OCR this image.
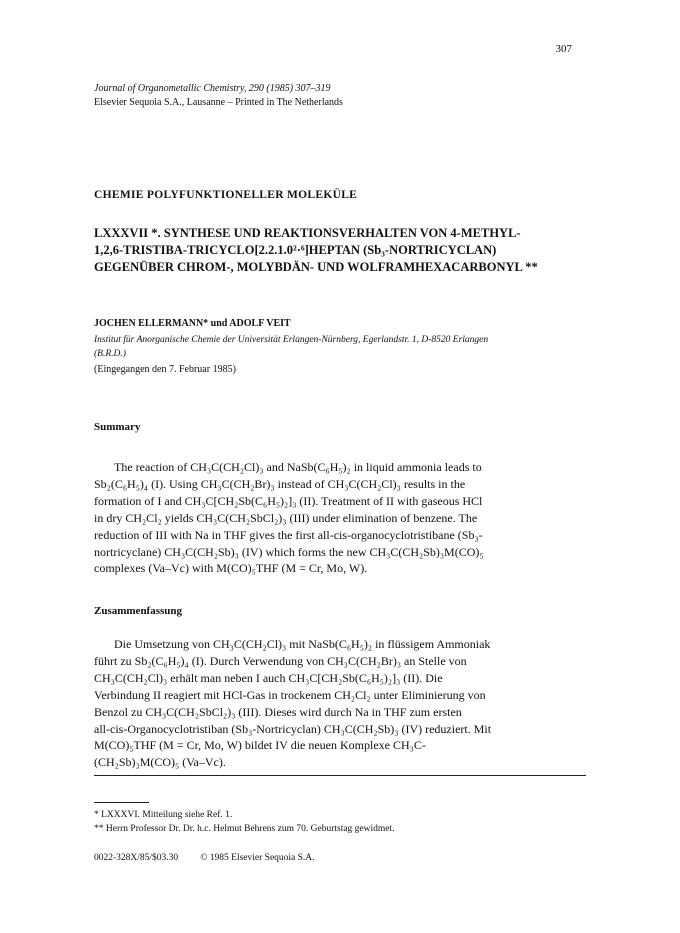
307
Journal of Organometallic Chemistry, 290 (1985) 307–319
Elsevier Sequoia S.A., Lausanne – Printed in The Netherlands
CHEMIE POLYFUNKTIONELLER MOLEKÜLE
LXXXVII *. SYNTHESE UND REAKTIONSVERHALTEN VON 4-METHYL-
1,2,6-TRISTIBA-TRICYCLO[2.2.1.0²·⁶]HEPTAN (Sb₃-NORTRICYCLAN)
GEGENÜBER CHROM-, MOLYBDÄN- UND WOLFRAMHEXACARBONYL **
JOCHEN ELLERMANN* und ADOLF VEIT
Institut für Anorganische Chemie der Universität Erlangen-Nürnberg, Egerlandstr. 1, D-8520 Erlangen
(B.R.D.)
(Eingegangen den 7. Februar 1985)
Summary
The reaction of CH₃C(CH₂Cl)₃ and NaSb(C₆H₅)₂ in liquid ammonia leads to
Sb₂(C₆H₅)₄ (I). Using CH₃C(CH₂Br)₃ instead of CH₃C(CH₂Cl)₃ results in the
formation of I and CH₃C[CH₂Sb(C₆H₅)₂]₃ (II). Treatment of II with gaseous HCl
in dry CH₂Cl₂ yields CH₃C(CH₂SbCl₂)₃ (III) under elimination of benzene. The
reduction of III with Na in THF gives the first all-cis-organocyclotristibane (Sb₃-
nortricyclane) CH₃C(CH₂Sb)₃ (IV) which forms the new CH₃C(CH₂Sb)₃M(CO)₅
complexes (Va–Vc) with M(CO)₅THF (M = Cr, Mo, W).
Zusammenfassung
Die Umsetzung von CH₃C(CH₂Cl)₃ mit NaSb(C₆H₅)₂ in flüssigem Ammoniak
führt zu Sb₂(C₆H₅)₄ (I). Durch Verwendung von CH₃C(CH₂Br)₃ an Stelle von
CH₃C(CH₂Cl)₃ erhält man neben I auch CH₃C[CH₂Sb(C₆H₅)₂]₃ (II). Die
Verbindung II reagiert mit HCl-Gas in trockenem CH₂Cl₂ unter Eliminierung von
Benzol zu CH₃C(CH₂SbCl₂)₃ (III). Dieses wird durch Na in THF zum ersten
all-cis-Organocyclotristiban (Sb₃-Nortricyclan) CH₃C(CH₂Sb)₃ (IV) reduziert. Mit
M(CO)₅THF (M = Cr, Mo, W) bildet IV die neuen Komplexe CH₃C-
(CH₂Sb)₃M(CO)₅ (Va–Vc).
* LXXXVI. Mitteilung siehe Ref. 1.
** Herrn Professor Dr. Dr. h.c. Helmut Behrens zum 70. Geburtstag gewidmet.
0022-328X/85/$03.30 © 1985 Elsevier Sequoia S.A.
